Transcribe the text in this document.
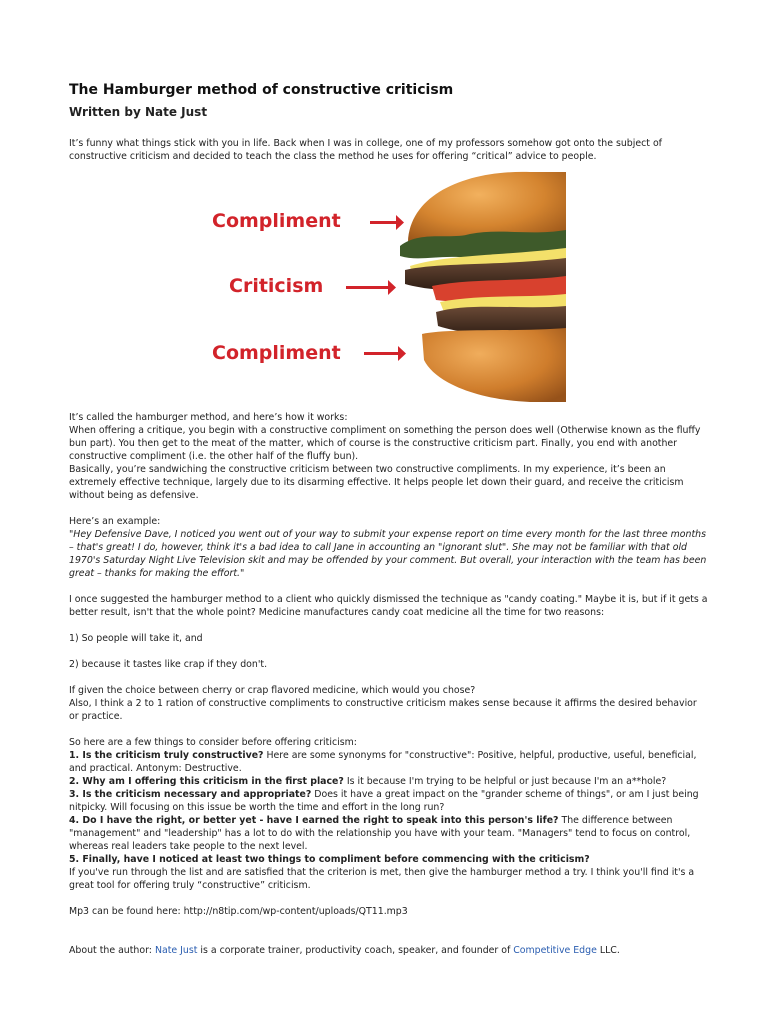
The Hamburger method of constructive criticism

Written by Nate Just

It’s funny what things stick with you in life. Back when I was in college, one of my professors somehow got onto the subject of constructive criticism and decided to teach the class the method he uses for offering “critical” advice to people.

Compliment
Criticism
Compliment

It’s called the hamburger method, and here’s how it works:

When offering a critique, you begin with a constructive compliment on something the person does well (Otherwise known as the fluffy bun part). You then get to the meat of the matter, which of course is the constructive criticism part. Finally, you end with another constructive compliment (i.e. the other half of the fluffy bun).

Basically, you’re sandwiching the constructive criticism between two constructive compliments. In my experience, it’s been an extremely effective technique, largely due to its disarming effective. It helps people let down their guard, and receive the criticism without being as defensive.

Here’s an example:

"Hey Defensive Dave, I noticed you went out of your way to submit your expense report on time every month for the last three months – that's great! I do, however, think it's a bad idea to call Jane in accounting an "ignorant slut". She may not be familiar with that old 1970's Saturday Night Live Television skit and may be offended by your comment. But overall, your interaction with the team has been great – thanks for making the effort."

I once suggested the hamburger method to a client who quickly dismissed the technique as "candy coating." Maybe it is, but if it gets a better result, isn't that the whole point? Medicine manufactures candy coat medicine all the time for two reasons:

1) So people will take it, and

2) because it tastes like crap if they don't.

If given the choice between cherry or crap flavored medicine, which would you chose?

Also, I think a 2 to 1 ration of constructive compliments to constructive criticism makes sense because it affirms the desired behavior or practice.

So here are a few things to consider before offering criticism:

1. Is the criticism truly constructive? Here are some synonyms for "constructive": Positive, helpful, productive, useful, beneficial, and practical. Antonym: Destructive.

2. Why am I offering this criticism in the first place? Is it because I'm trying to be helpful or just because I'm an a**hole?

3. Is the criticism necessary and appropriate? Does it have a great impact on the "grander scheme of things", or am I just being nitpicky. Will focusing on this issue be worth the time and effort in the long run?

4. Do I have the right, or better yet - have I earned the right to speak into this person's life? The difference between "management" and "leadership" has a lot to do with the relationship you have with your team. "Managers" tend to focus on control, whereas real leaders take people to the next level.

5. Finally, have I noticed at least two things to compliment before commencing with the criticism?

If you've run through the list and are satisfied that the criterion is met, then give the hamburger method a try. I think you'll find it's a great tool for offering truly “constructive” criticism.

Mp3 can be found here: http://n8tip.com/wp-content/uploads/QT11.mp3

About the author: Nate Just is a corporate trainer, productivity coach, speaker, and founder of Competitive Edge LLC.
